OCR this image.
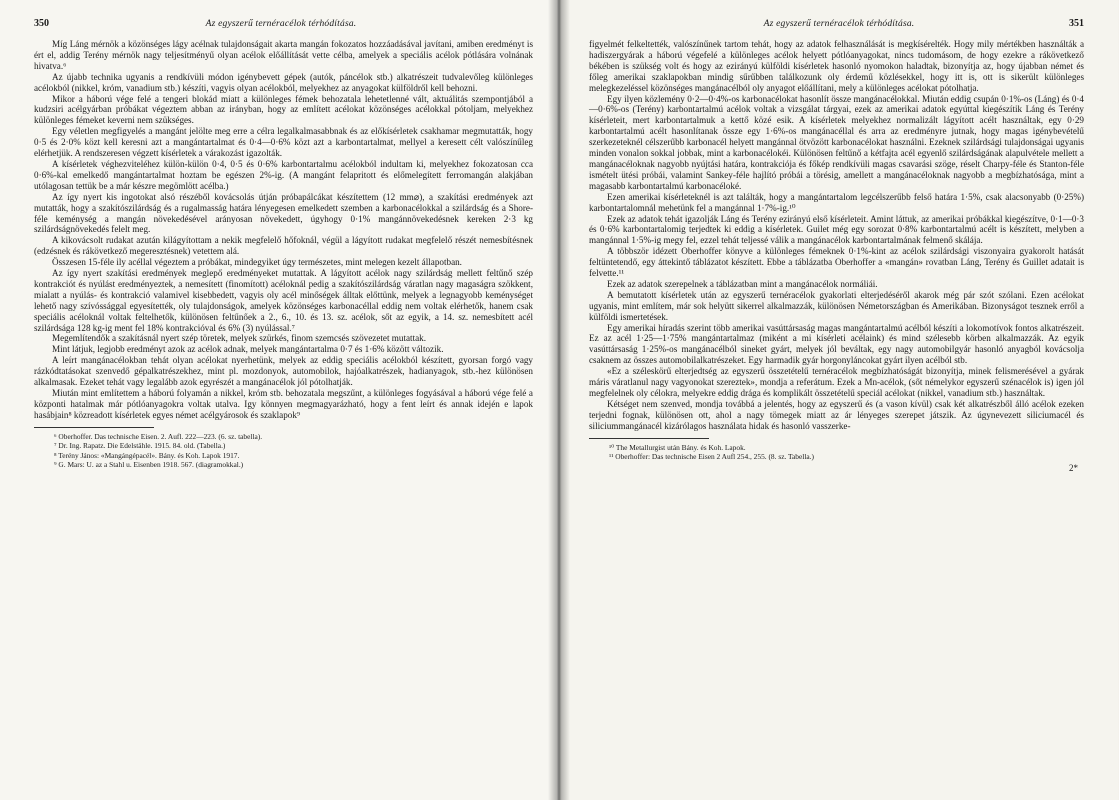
350	Az egyszerű ternéracélok térhódítása.

Míg Láng mérnök a közönséges lágy acélnak tulajdonságait akarta mangán fokozatos hozzáadásával javítani, amiben eredményt is ért el, addig Terény mérnök nagy teljesítményű olyan acélok előállítását vette célba, amelyek a speciális acélok pótlására volnának hivatva.⁶

Az újabb technika ugyanis a rendkívüli módon igénybevett gépek (autók, páncélok stb.) alkatrészeit tudvalevőleg különleges acélokból (nikkel, króm, vanadium stb.) készíti, vagyis olyan acélokból, melyekhez az anyagokat külföldről kell behozni.

Mikor a háború vége felé a tengeri blokád miatt a különleges fémek behozatala lehetetlenné vált, aktuálitás szempontjából a kudzsiri acélgyárban próbákat végeztem abban az irányban, hogy az említett acélokat közönséges acélokkal pótoljam, melyekhez különleges fémeket keverni nem szükséges.

Egy véletlen megfigyelés a mangánt jelölte meg erre a célra legalkalmasabbnak és az előkísérletek csakhamar megmutatták, hogy 0·5 és 2·0% közt kell keresni azt a mangántartalmat és 0·4—0·6% közt azt a karbontartalmat, mellyel a keresett célt valószínűleg elérhetjük. A rendszeresen végzett kísérletek a várakozást igazolták.

A kísérletek véghezviteléhez külön-külön 0·4, 0·5 és 0·6% karbontartalmu acélokból indultam ki, melyekhez fokozatosan cca 0·6%-kal emelkedő mangántartalmat hoztam be egészen 2%-ig. (A mangánt felapritott és előmelegített ferromangán alakjában utólagosan tettük be a már készre megömlött acélba.)

Az így nyert kis ingotokat alsó részéből kovácsolás útján próbapálcákat készítettem (12 mm⌀), a szakítási eredmények azt mutatták, hogy a szakítószilárdság és a rugalmasság határa lényegesen emelkedett szemben a karbonacélokkal a szilárdság és a Shore-féle keménység a mangán növekedésével arányosan növekedett, úgyhogy 0·1% mangánnövekedésnek kereken 2·3 kg szilárdságnövekedés felelt meg.

A kikovácsolt rudakat azután kilágyítottam a nekik megfelelő hőfoknál, végül a lágyított rudakat megfelelő részét nemesbítésnek (edzésnek és rákövetkező megeresztésnek) vetettem alá.

Összesen 15-féle ily acéllal végeztem a próbákat, mindegyiket úgy természetes, mint melegen kezelt állapotban.

Az így nyert szakítási eredmények meglepő eredményeket mutattak. A lágyított acélok nagy szilárdság mellett feltűnő szép kontrakciót és nyúlást eredményeztek, a nemesített (finomított) acéloknál pedig a szakítószilárdság váratlan nagy magaságra szökkent, mialatt a nyúlás- és kontrakció valamivel kisebbedett, vagyis oly acél minőségek álltak előttünk, melyek a legnagyobb keménységet lehető nagy szívóssággal egyesítették, oly tulajdonságok, amelyek közönséges karbonacéllal eddig nem voltak elérhetők, hanem csak speciális acéloknál voltak feltelhetők, különösen feltűnőek a 2., 6., 10. és 13. sz. acélok, sőt az egyik, a 14. sz. nemesbített acél szilárdsága 128 kg-ig ment fel 18% kontrakcióval és 6% (3) nyúlással.⁷

Megemlítendők a szakításnál nyert szép töretek, melyek szürkés, finom szemcsés szövezetet mutattak.

Mint látjuk, legjobb eredményt azok az acélok adnak, melyek mangántartalma 0·7 és 1·6% között változik.

A leírt mangánacélokban tehát olyan acélokat nyerhetünk, melyek az eddig speciális acélokból készített, gyorsan forgó vagy rázkódtatásokat szenvedő gépalkatrészekhez, mint pl. mozdonyok, automobilok, hajóalkatrészek, hadianyagok, stb.-hez különösen alkalmasak. Ezeket tehát vagy legalább azok egyrészét a mangánacélok jól pótolhatják.

Miután mint említettem a háború folyamán a nikkel, króm stb. behozatala megszűnt, a különleges fogyásával a háború vége felé a központi hatalmak már pótlóanyagokra voltak utalva. Igy könnyen megmagyarázható, hogy a fent leírt és annak idején e lapok hasábjain⁸ közreadott kísérletek egyes német acélgyárosok és szaklapok⁹

⁶ Oberhoffer. Das technische Eisen. 2. Aufl. 222—223. (6. sz. tabella).

⁷ Dr. Ing. Rapatz. Die Edelstähle. 1915. 84. old. (Tabella.)

⁸ Terény János: «Mangángépacél». Bány. és Koh. Lapok 1917.

⁹ G. Mars: U. az a Stahl u. Eisenben 1918. 567. (diagramokkal.)

Az egyszerű ternéracélok térhódítása.	351

figyelmét felkeltették, valószínűnek tartom tehát, hogy az adatok felhasználását is megkísérelték. Hogy mily mértékben használták a hadiszergyárak a háború végefelé a különleges acélok helyett pótlóanyagokat, nincs tudomásom, de hogy ezekre a rákövetkező békében is szükség volt és hogy az ezirányú külföldi kísérletek hasonló nyomokon haladtak, bizonyítja az, hogy újabban német és főleg amerikai szaklapokban mindig sűrűbben találkozunk oly érdemű közlésekkel, hogy itt is, ott is sikerült különleges melegkezeléssel közönséges mangánacélból oly anyagot előállítani, mely a különleges acélokat pótolhatja.

Egy ilyen közlemény 0·2—0·4%-os karbonacélokat hasonlít össze mangánacélokkal. Miután eddig csupán 0·1%-os (Láng) és 0·4—0·6%-os (Terény) karbontartalmú acélok voltak a vizsgálat tárgyai, ezek az amerikai adatok egyúttal kiegészítik Láng és Terény kísérleteit, mert karbontartalmuk a kettő közé esik. A kísérletek melyekhez normalizált lágyított acélt használtak, egy 0·29 karbontartalmú acélt hasonlítanak össze egy 1·6%-os mangánacéllal és arra az eredményre jutnak, hogy magas igénybevételű szerkezeteknél célszerűbb karbonacél helyett mangánnal ötvözött karbonacélokat használni. Ezeknek szilárdsági tulajdonságai ugyanis minden vonalon sokkal jobbak, mint a karbonacélokéi. Különösen feltűnő a kétfajta acél egyenlő szilárdságának alapulvétele mellett a mangánacéloknak nagyobb nyújtási határa, kontrakciója és főkép rendkívüli magas csavarási szöge, réselt Charpy-féle és Stanton-féle ismételt ütési próbái, valamint Sankey-féle hajlító próbái a törésig, amellett a mangánacéloknak nagyobb a megbízhatósága, mint a magasabb karbontartalmú karbonacéloké.

Ezen amerikai kísérleteknél is azt találták, hogy a mangántartalom legcélszerűbb felső határa 1·5%, csak alacsonyabb (0·25%) karbontartalomnál mehetünk fel a mangánnal 1·7%-ig.¹⁰

Ezek az adatok tehát igazolják Láng és Terény ezirányú első kísérleteit. Amint láttuk, az amerikai próbákkal kiegészítve, 0·1—0·3 és 0·6% karbontartalomig terjedtek ki eddig a kísérletek. Guilet még egy sorozat 0·8% karbontartalmú acélt is készített, melyben a mangánnal 1·5%-ig megy fel, ezzel tehát teljessé válik a mangánacélok karbontartalmának felmenő skálája.

A többször idézett Oberhoffer könyve a különleges fémeknek 0·1%-kint az acélok szilárdsági viszonyaira gyakorolt hatását feltüntetendő, egy áttekintő táblázatot készített. Ebbe a táblázatba Oberhoffer a «mangán» rovatban Láng, Terény és Guillet adatait is felvette.¹¹

Ezek az adatok szerepelnek a táblázatban mint a mangánacélok normáliái.

A bemutatott kísérletek után az egyszerű ternéracélok gyakorlati elterjedéséről akarok még pár szót szólani. Ezen acélokat ugyanis, mint említem, már sok helyütt sikerrel alkalmazzák, különösen Németországban és Amerikában. Bizonyságot tesznek erről a külföldi ismertetések.

Egy amerikai híradás szerint több amerikai vasúttársaság magas mangántartalmú acélból készíti a lokomotívok fontos alkatrészeit. Ez az acél 1·25—1·75% mangántartalmaz (miként a mi kísérleti acélaink) és mind szélesebb körben alkalmazzák. Az egyik vasúttársaság 1·25%-os mangánacélból sineket gyárt, melyek jól beváltak, egy nagy automobilgyár hasonló anyagból kovácsolja csaknem az összes automobilalkatrészeket. Egy harmadik gyár horgonyláncokat gyárt ilyen acélból stb.

«Ez a széleskörű elterjedtség az egyszerű összetételű ternéracélok megbízhatóságát bizonyítja, minek felismerésével a gyárak máris váratlanul nagy vagyonokat szereztek», mondja a referátum. Ezek a Mn-acélok, (sőt némelykor egyszerű szénacélok is) igen jól megfelelnek oly célokra, melyekre eddig drága és komplikált összetételű speciál acélokat (nikkel, vanadium stb.) használtak.

Kétséget nem szenved, mondja továbbá a jelentés, hogy az egyszerű és (a vason kívül) csak két alkatrészből álló acélok ezeken terjedni fognak, különösen ott, ahol a nagy tömegek miatt az ár lényeges szerepet játszik. Az úgynevezett siliciumacél és siliciummangánacél kizárólagos használata hidak és hasonló vasszerke-

¹⁰ The Metallurgist után Bány. és Koh. Lapok.

¹¹ Oberhoffer: Das technische Eisen 2 Aufl 254., 255. (8. sz. Tabella.)

2*
